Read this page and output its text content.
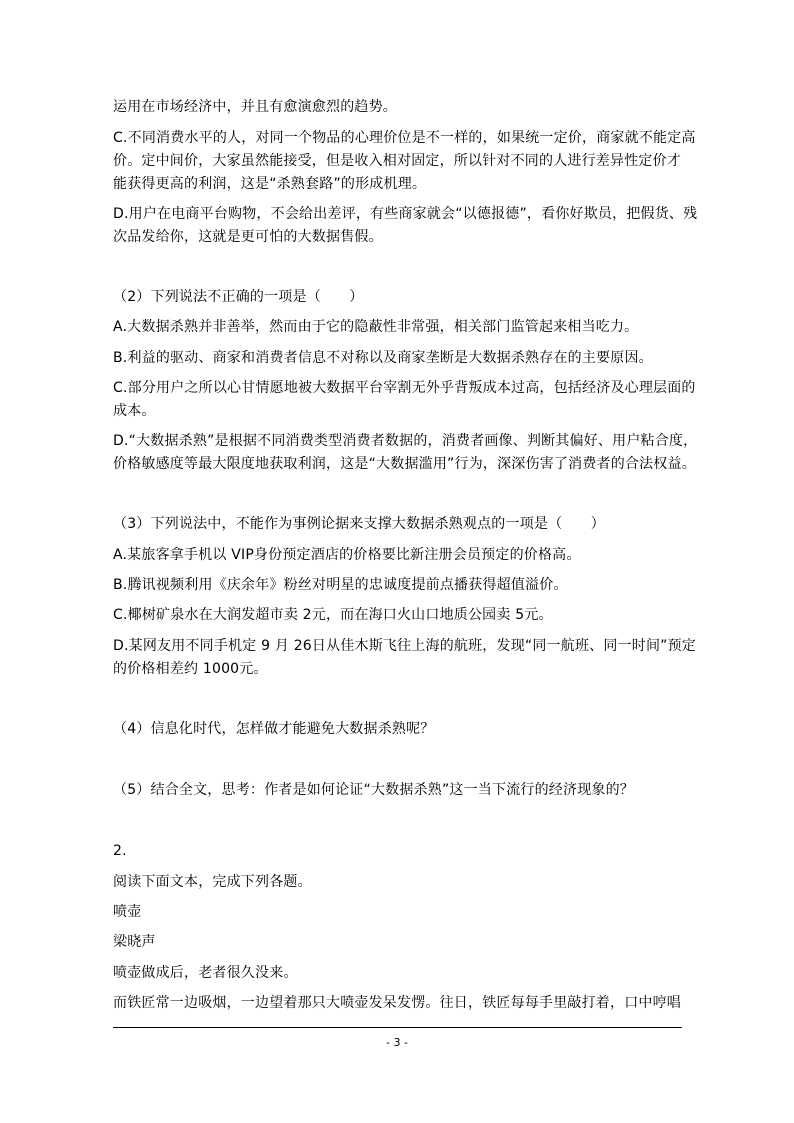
运用在市场经济中，并且有愈演愈烈的趋势。
C.不同消费水平的人，对同一个物品的心理价位是不一样的，如果统一定价，商家就不能定高
价。定中间价，大家虽然能接受，但是收入相对固定，所以针对不同的人进行差异性定价才
能获得更高的利润，这是“杀熟套路”的形成机理。
D.用户在电商平台购物，不会给出差评，有些商家就会“以德报德”，看你好欺员，把假货、残
次品发给你，这就是更可怕的大数据售假。
（2）下列说法不正确的一项是（　　）
A.大数据杀熟并非善举，然而由于它的隐蔽性非常强，相关部门监管起来相当吃力。
B.利益的驱动、商家和消费者信息不对称以及商家垄断是大数据杀熟存在的主要原因。
C.部分用户之所以心甘情愿地被大数据平台宰割无外乎背叛成本过高，包括经济及心理层面的
成本。
D.“大数据杀熟”是根据不同消费类型消费者数据的，消费者画像、判断其偏好、用户粘合度，
价格敏感度等最大限度地获取利润，这是“大数据滥用”行为，深深伤害了消费者的合法权益。
（3）下列说法中，不能作为事例论据来支撑大数据杀熟观点的一项是（　　）
A.某旅客拿手机以 VIP身份预定酒店的价格要比新注册会员预定的价格高。
B.腾讯视频利用《庆余年》粉丝对明星的忠诚度提前点播获得超值溢价。
C.椰树矿泉水在大润发超市卖 2元，而在海口火山口地质公园卖 5元。
D.某网友用不同手机定 9 月 26日从佳木斯飞往上海的航班，发现“同一航班、同一时间”预定
的价格相差约 1000元。
（4）信息化时代，怎样做才能避免大数据杀熟呢？
（5）结合全文，思考：作者是如何论证“大数据杀熟”这一当下流行的经济现象的？
2.
阅读下面文本，完成下列各题。
喷壶
梁晓声
喷壶做成后，老者很久没来。
而铁匠常一边吸烟，一边望着那只大喷壶发呆发愣。往日，铁匠每每手里敲打着，口中哼唱
- 3 -
